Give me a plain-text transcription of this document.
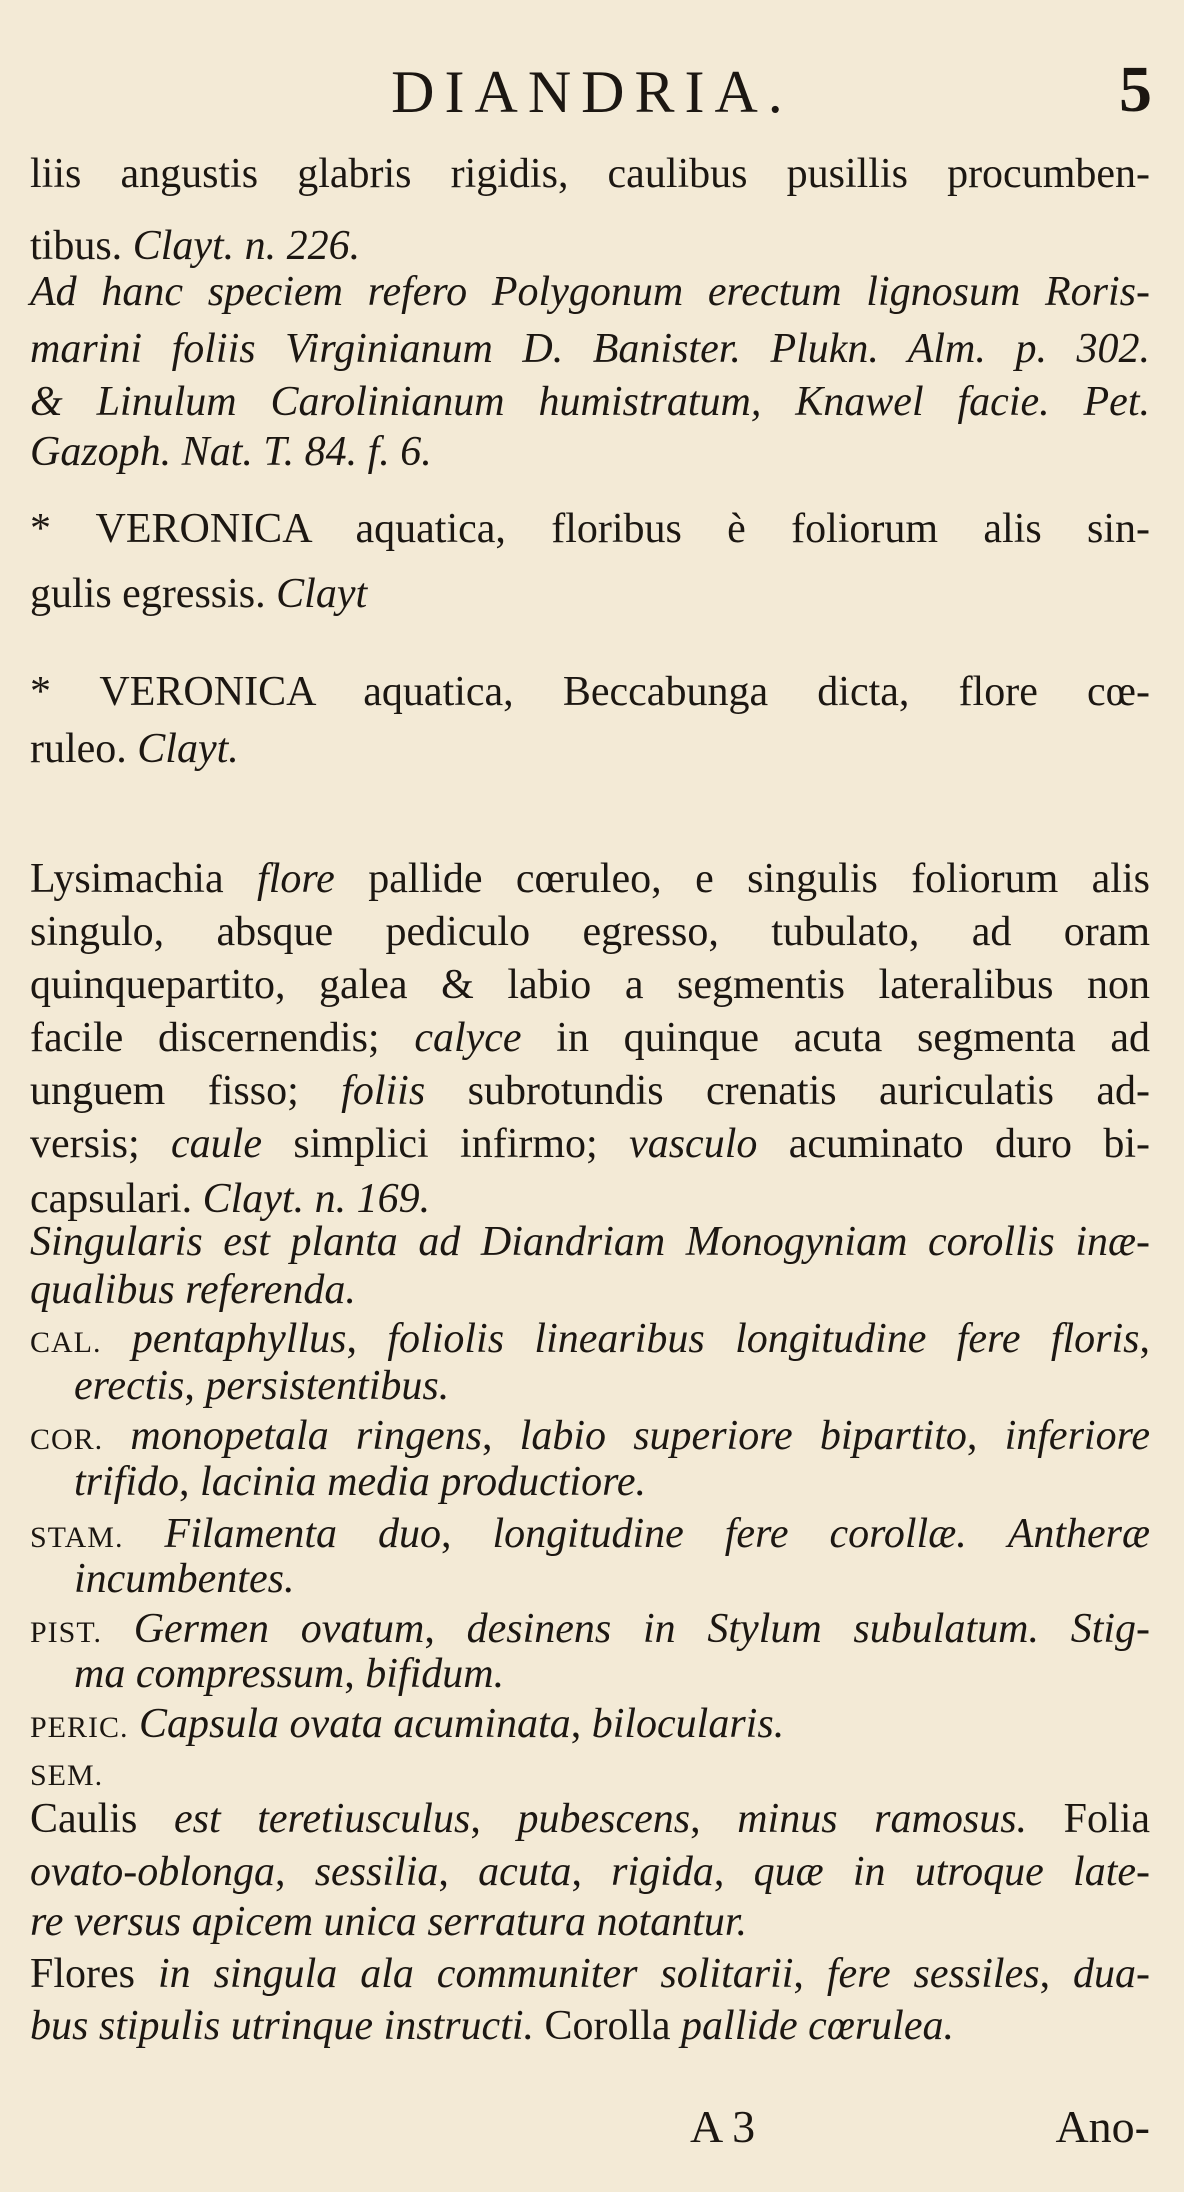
DIANDRIA.	5
liis angustis glabris rigidis, caulibus pusillis procumben-
tibus. Clayt. n. 226.
Ad hanc speciem refero Polygonum erectum lignosum Roris-
marini foliis Virginianum D. Banister. Plukn. Alm. p. 302.
& Linulum Carolinianum humistratum, Knawel facie. Pet.
Gazoph. Nat. T. 84. f. 6.
* VERONICA aquatica, floribus è foliorum alis sin-
gulis egressis. Clayt
* VERONICA aquatica, Beccabunga dicta, flore cœ-
ruleo. Clayt.
Lysimachia flore pallide cœruleo, e singulis foliorum alis
singulo, absque pediculo egresso, tubulato, ad oram
quinquepartito, galea & labio a segmentis lateralibus non
facile discernendis; calyce in quinque acuta segmenta ad
unguem fisso; foliis subrotundis crenatis auriculatis ad-
versis; caule simplici infirmo; vasculo acuminato duro bi-
capsulari. Clayt. n. 169.
Singularis est planta ad Diandriam Monogyniam corollis inæ-
qualibus referenda.
CAL. pentaphyllus, foliolis linearibus longitudine fere floris,
erectis, persistentibus.
COR. monopetala ringens, labio superiore bipartito, inferiore
trifido, lacinia media productiore.
STAM. Filamenta duo, longitudine fere corollæ. Antheræ
incumbentes.
PIST. Germen ovatum, desinens in Stylum subulatum. Stig-
ma compressum, bifidum.
PERIC. Capsula ovata acuminata, bilocularis.
SEM.
Caulis est teretiusculus, pubescens, minus ramosus. Folia
ovato-oblonga, sessilia, acuta, rigida, quæ in utroque late-
re versus apicem unica serratura notantur.
Flores in singula ala communiter solitarii, fere sessiles, dua-
bus stipulis utrinque instructi. Corolla pallide cœrulea.
A 3	Ano-
